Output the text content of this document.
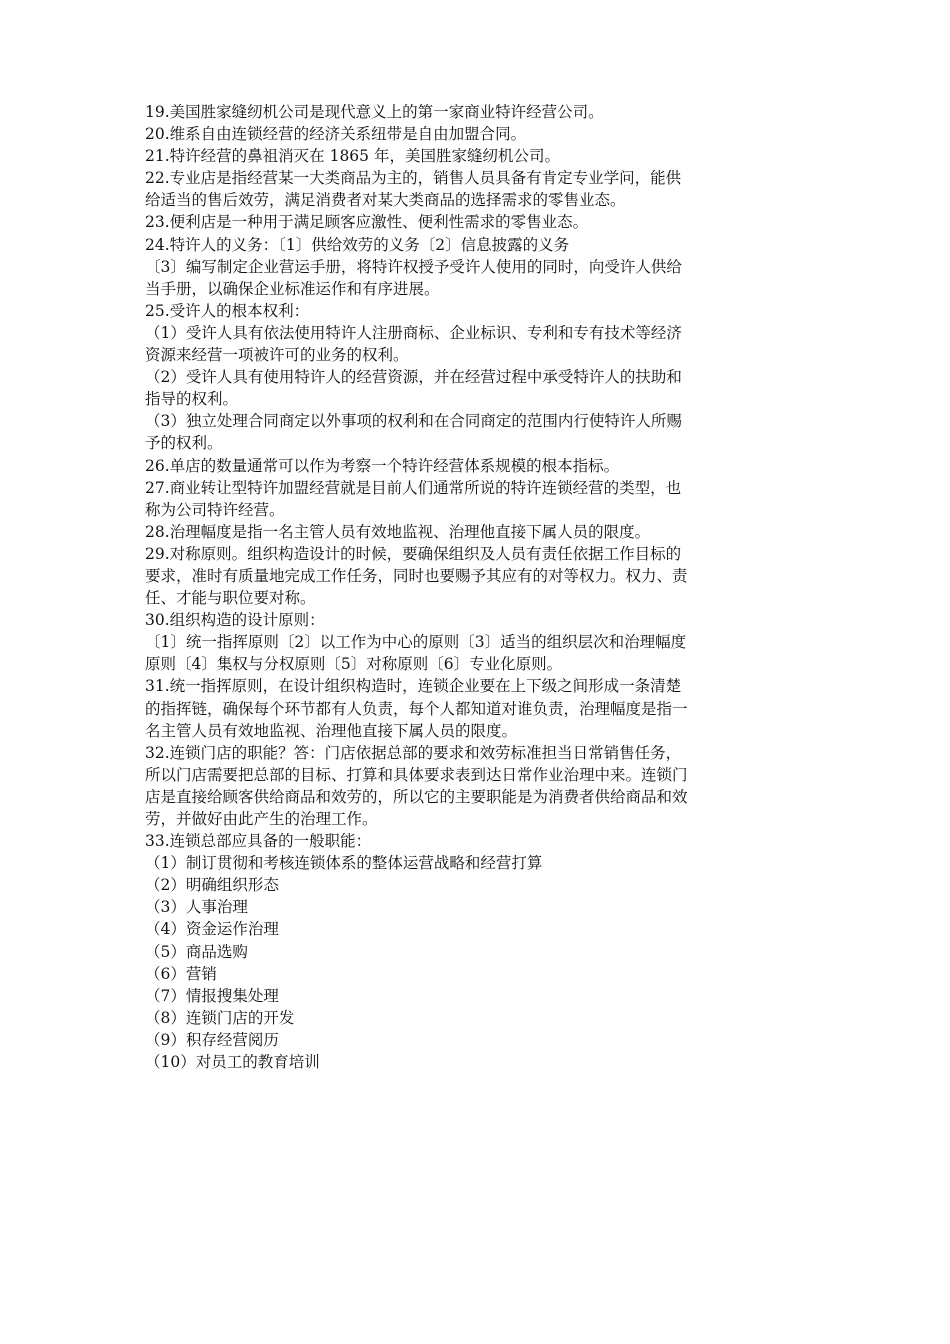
19.美国胜家缝纫机公司是现代意义上的第一家商业特许经营公司。
20.维系自由连锁经营的经济关系纽带是自由加盟合同。
21.特许经营的鼻祖消灭在 1865 年，美国胜家缝纫机公司。
22.专业店是指经营某一大类商品为主的，销售人员具备有肯定专业学问，能供
给适当的售后效劳，满足消费者对某大类商品的选择需求的零售业态。
23.便利店是一种用于满足顾客应激性、便利性需求的零售业态。
24.特许人的义务：〔1〕供给效劳的义务〔2〕信息披露的义务
〔3〕编写制定企业营运手册，将特许权授予受许人使用的同时，向受许人供给
当手册，以确保企业标准运作和有序进展。
25.受许人的根本权利：
（1）受许人具有依法使用特许人注册商标、企业标识、专利和专有技术等经济
资源来经营一项被许可的业务的权利。
（2）受许人具有使用特许人的经营资源，并在经营过程中承受特许人的扶助和
指导的权利。
（3）独立处理合同商定以外事项的权利和在合同商定的范围内行使特许人所赐
予的权利。
26.单店的数量通常可以作为考察一个特许经营体系规模的根本指标。
27.商业转让型特许加盟经营就是目前人们通常所说的特许连锁经营的类型，也
称为公司特许经营。
28.治理幅度是指一名主管人员有效地监视、治理他直接下属人员的限度。
29.对称原则。组织构造设计的时候，要确保组织及人员有责任依据工作目标的
要求，准时有质量地完成工作任务，同时也要赐予其应有的对等权力。权力、责
任、才能与职位要对称。
30.组织构造的设计原则：
〔1〕统一指挥原则〔2〕以工作为中心的原则〔3〕适当的组织层次和治理幅度
原则〔4〕集权与分权原则〔5〕对称原则〔6〕专业化原则。
31.统一指挥原则，在设计组织构造时，连锁企业要在上下级之间形成一条清楚
的指挥链，确保每个环节都有人负责，每个人都知道对谁负责，治理幅度是指一
名主管人员有效地监视、治理他直接下属人员的限度。
32.连锁门店的职能？答：门店依据总部的要求和效劳标准担当日常销售任务，
所以门店需要把总部的目标、打算和具体要求表到达日常作业治理中来。连锁门
店是直接给顾客供给商品和效劳的，所以它的主要职能是为消费者供给商品和效
劳，并做好由此产生的治理工作。
33.连锁总部应具备的一般职能：
（1）制订贯彻和考核连锁体系的整体运营战略和经营打算
（2）明确组织形态
（3）人事治理
（4）资金运作治理
（5）商品选购
（6）营销
（7）情报搜集处理
（8）连锁门店的开发
（9）积存经营阅历
（10）对员工的教育培训
